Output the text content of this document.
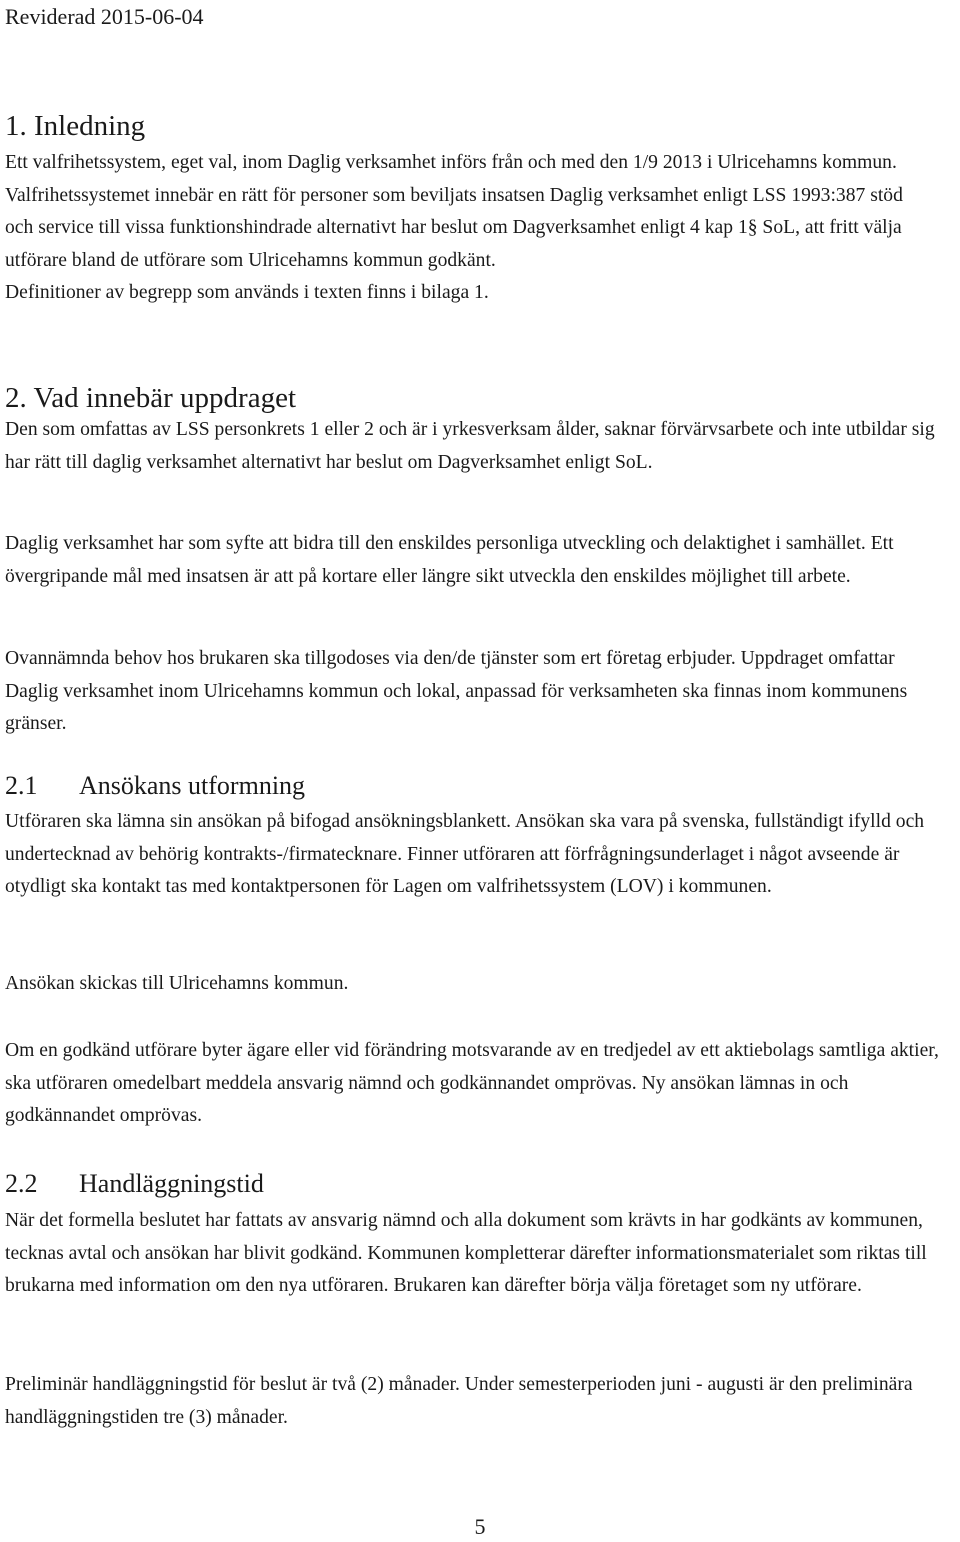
Reviderad 2015-06-04

1. Inledning

Ett valfrihetssystem, eget val, inom Daglig verksamhet införs från och med den 1/9 2013 i Ulricehamns kommun. Valfrihetssystemet innebär en rätt för personer som beviljats insatsen Daglig verksamhet enligt LSS 1993:387 stöd och service till vissa funktionshindrade alternativt har beslut om Dagverksamhet enligt 4 kap 1§ SoL, att fritt välja utförare bland de utförare som Ulricehamns kommun godkänt.

Definitioner av begrepp som används i texten finns i bilaga 1.

2. Vad innebär uppdraget

Den som omfattas av LSS personkrets 1 eller 2 och är i yrkesverksam ålder, saknar förvärvsarbete och inte utbildar sig har rätt till daglig verksamhet alternativt har beslut om Dagverksamhet enligt SoL.

Daglig verksamhet har som syfte att bidra till den enskildes personliga utveckling och delaktighet i samhället. Ett övergripande mål med insatsen är att på kortare eller längre sikt utveckla den enskildes möjlighet till arbete.

Ovannämnda behov hos brukaren ska tillgodoses via den/de tjänster som ert företag erbjuder. Uppdraget omfattar Daglig verksamhet inom Ulricehamns kommun och lokal, anpassad för verksamheten ska finnas inom kommunens gränser.

2.1 Ansökans utformning

Utföraren ska lämna sin ansökan på bifogad ansökningsblankett. Ansökan ska vara på svenska, fullständigt ifylld och undertecknad av behörig kontrakts-/firmatecknare. Finner utföraren att förfrågningsunderlaget i något avseende är otydligt ska kontakt tas med kontaktpersonen för Lagen om valfrihetssystem (LOV) i kommunen.

Ansökan skickas till Ulricehamns kommun.

Om en godkänd utförare byter ägare eller vid förändring motsvarande av en tredjedel av ett aktiebolags samtliga aktier, ska utföraren omedelbart meddela ansvarig nämnd och godkännandet omprövas. Ny ansökan lämnas in och godkännandet omprövas.

2.2 Handläggningstid

När det formella beslutet har fattats av ansvarig nämnd och alla dokument som krävts in har godkänts av kommunen, tecknas avtal och ansökan har blivit godkänd. Kommunen kompletterar därefter informationsmaterialet som riktas till brukarna med information om den nya utföraren. Brukaren kan därefter börja välja företaget som ny utförare.

Preliminär handläggningstid för beslut är två (2) månader. Under semesterperioden juni - augusti är den preliminära handläggningstiden tre (3) månader.

5
